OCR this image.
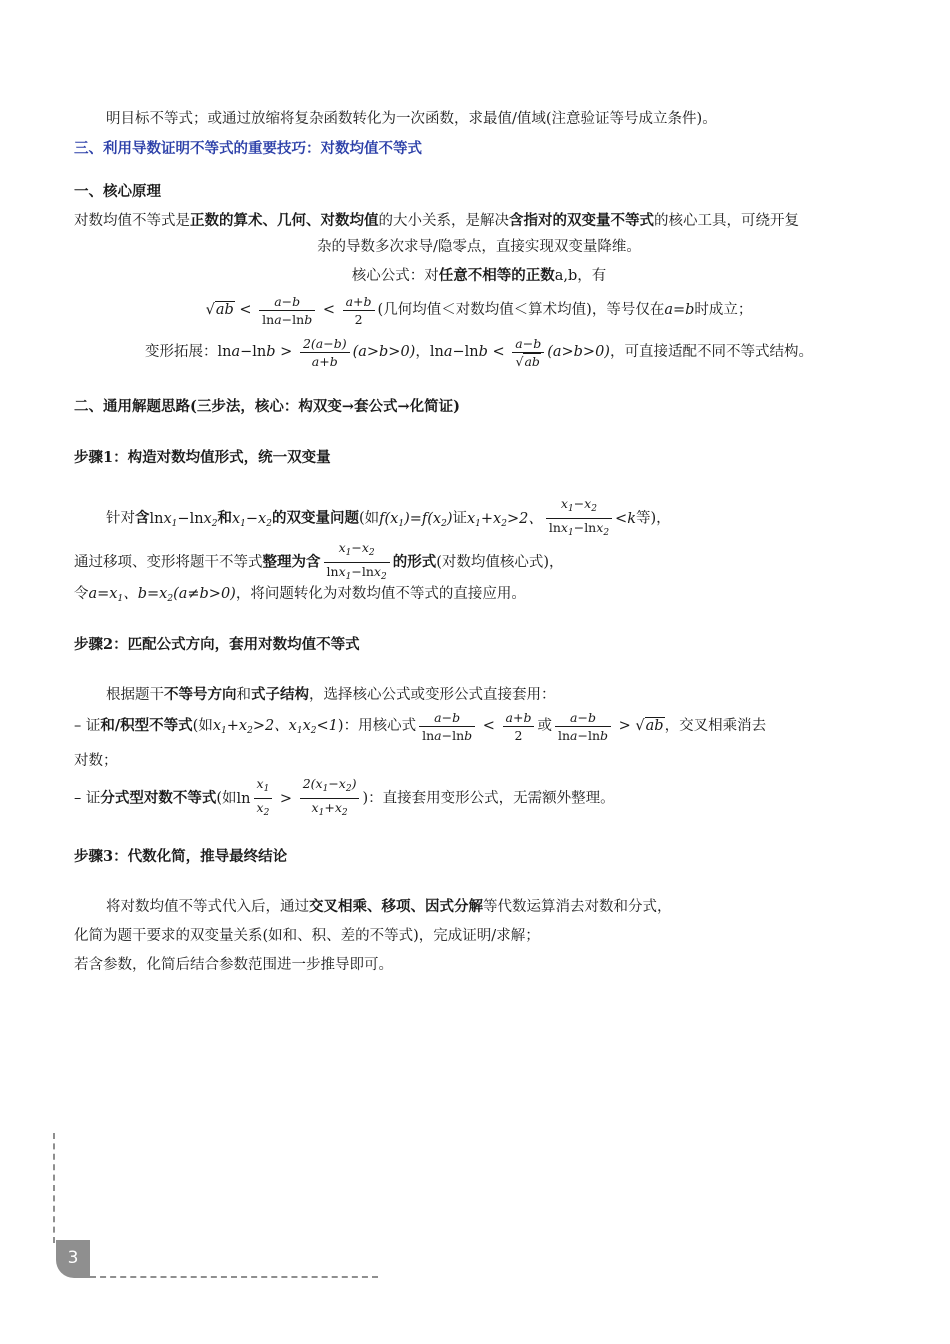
明目标不等式；或通过放缩将复杂函数转化为一次函数，求最值/值域(注意验证等号成立条件)。
三、利用导数证明不等式的重要技巧：对数均值不等式
一、核心原理
对数均值不等式是正数的算术、几何、对数均值的大小关系，是解决含指对的双变量不等式的核心工具，可绕开复
杂的导数多次求导/隐零点，直接实现双变量降维。
核心公式：对任意不相等的正数a,b，有
$√ab < \frac{a-b}{\ln a-\ln b} < \frac{a+b}{2}$ (几何均值＜对数均值＜算术均值)，等号仅在a=b时成立；
变形拓展：$\ln a-\ln b > \frac{2(a-b)}{a+b} (a>b>0)$，$\ln a-\ln b < \frac{a-b}{√ab} (a>b>0)$，可直接适配不同不等式结构。
二、通用解题思路(三步法，核心：构双变→套公式→化简证)
步骤1：构造对数均值形式，统一双变量
针对含lnx$_1$−lnx$_2$和$x_1-x_2$的双变量问题(如$f(x_1)=f(x_2)$证$x_1+x_2>2$、 $\frac{x_1-x_2}{\ln x_1-\ln x_2} <k$等)，
通过移项、变形将题干不等式整理为含 $\frac{x_1-x_2}{\ln x_1-\ln x_2}$ 的形式(对数均值核心式)，
令$a=x_1$、$b=x_2(a\ne b>0)$，将问题转化为对数均值不等式的直接应用。
步骤2：匹配公式方向，套用对数均值不等式
根据题干不等号方向和式子结构，选择核心公式或变形公式直接套用：
– 证和/积型不等式(如$x_1+x_2>2$、$x_1x_2<1$)：用核心式 $\frac{a-b}{\ln a-\ln b} < \frac{a+b}{2}$ 或 $\frac{a-b}{\ln a-\ln b} > √ab$，交叉相乘消去
对数；
– 证分式型对数不等式(如$\ln \frac{x_1}{x_2} > \frac{2(x_1-x_2)}{x_1+x_2}$ )：直接套用变形公式，无需额外整理。
步骤3：代数化简，推导最终结论
将对数均值不等式代入后，通过交叉相乘、移项、因式分解等代数运算消去对数和分式，
化简为题干要求的双变量关系(如和、积、差的不等式)，完成证明/求解；
若含参数，化简后结合参数范围进一步推导即可。
3
